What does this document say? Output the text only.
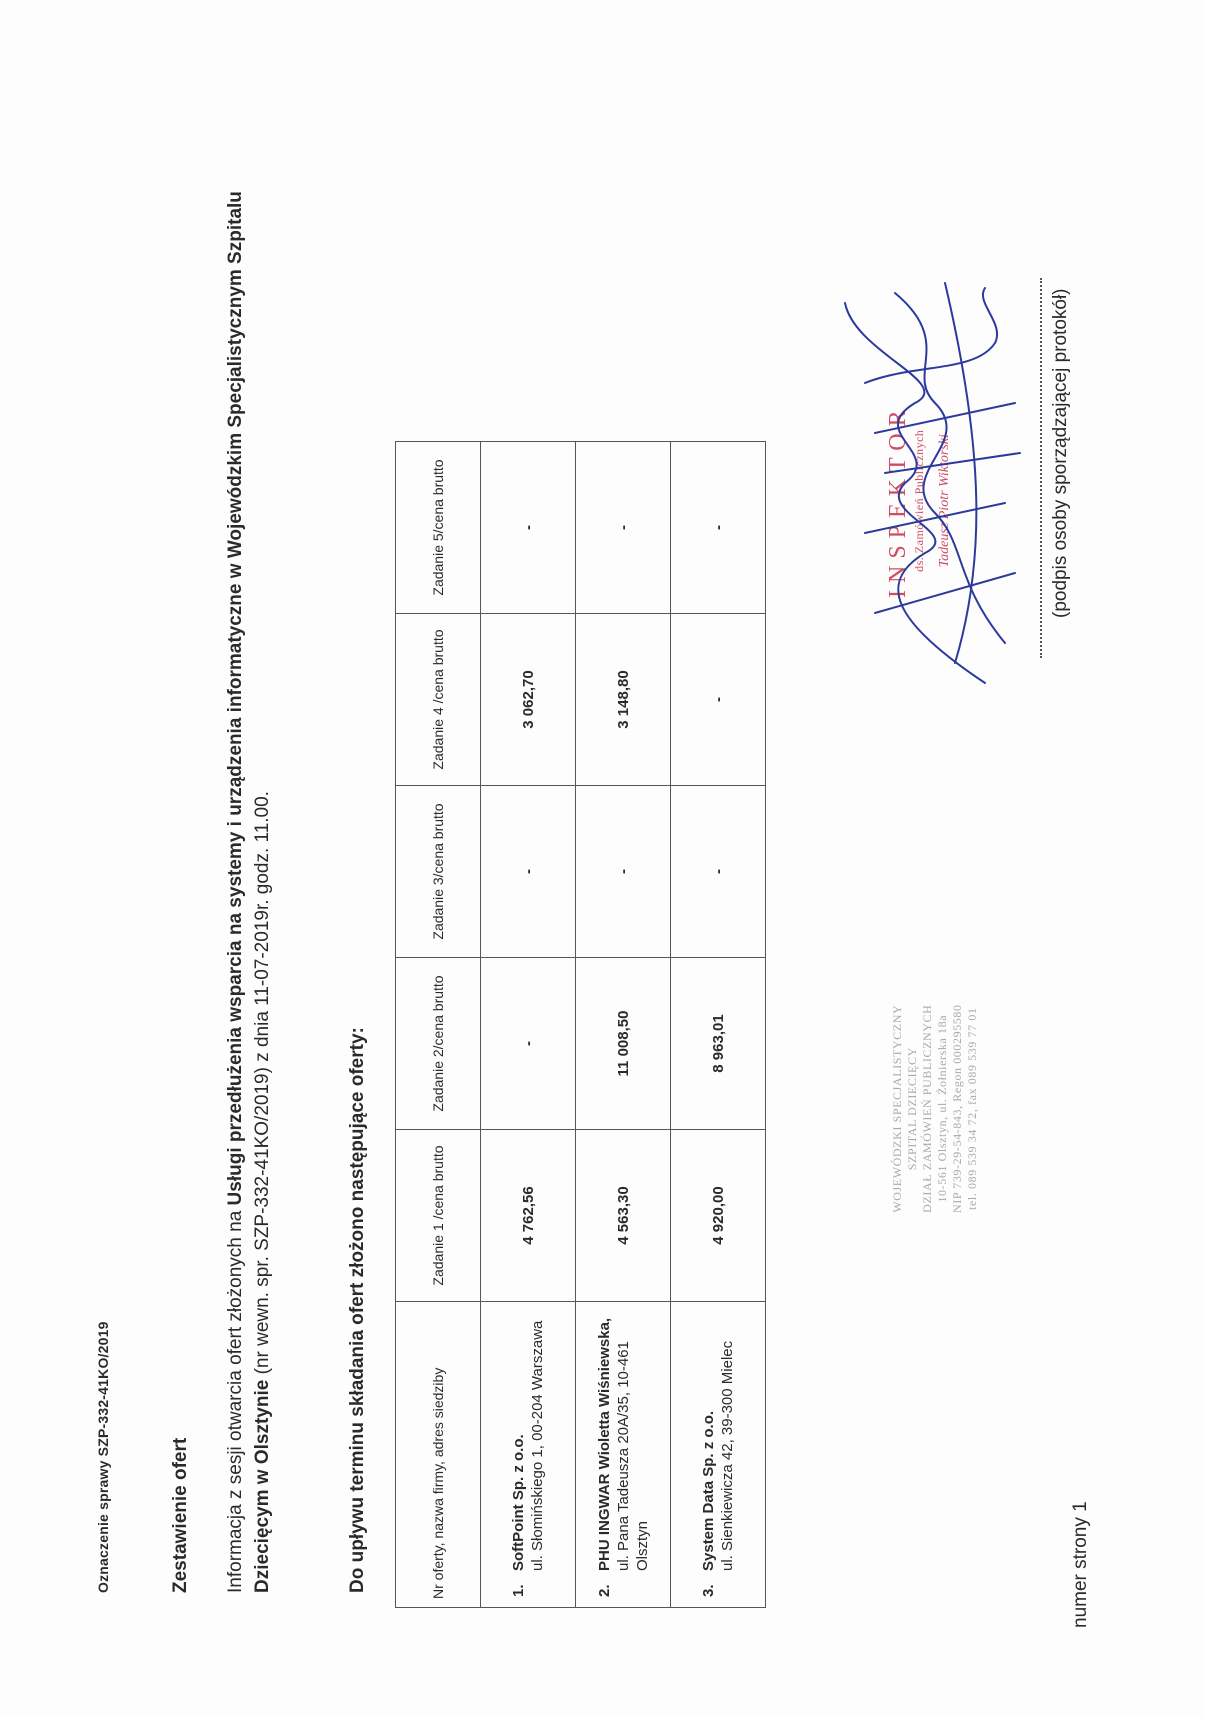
Oznaczenie sprawy SZP-332-41KO/2019	Zestawienie ofert Informacja z sesji otwarcia ofert złożonych na Usługi przedłużenia wsparcia na systemy i urządzenia informatyczne w Wojewódzkim Specjalistycznym Szpitalu Dziecięcym w Olsztynie (nr wewn. spr. SZP-332-41KO/2019) z dnia 11-07-2019r. godz. 11.00.	Do upływu terminu składania ofert złożono następujące oferty:	Nr oferty, nazwa firmy, adres siedziby	Zadanie 1 /cena brutto	Zadanie 2/cena brutto	Zadanie 3/cena brutto	Zadanie 4 /cena brutto	Zadanie 5/cena brutto

1.
SoftPoint Sp. z o.o. ul. Słomińskiego 1, 00-204 Warszawa	4 762,56	-	-	3 062,70	-

2.
PHU INGWAR Wioletta Wiśniewska, ul. Pana Tadeusza 20A/35, 10-461 Olsztyn	4 563,30	11 008,50	-	3 148,80	-

3.
System Data Sp. z o.o. ul. Sienkiewicza 42, 39-300 Mielec	4 920,00	8 963,01	-	-	-
WOJEWÓDZKI SPECJALISTYCZNY SZPITAL DZIECIĘCY DZIAŁ ZAMÓWIEŃ PUBLICZNYCH 10-561 Olsztyn, ul. Żołnierska 18a NIP 739-29-54-843, Regon 000295580 tel. 089 539 34 72, fax 089 539 77 01
INSPEKTOR ds. Zamówień Publicznych Tadeusz Piotr Wiktorski	(podpis osoby sporządzającej protokół)
numer strony 1
